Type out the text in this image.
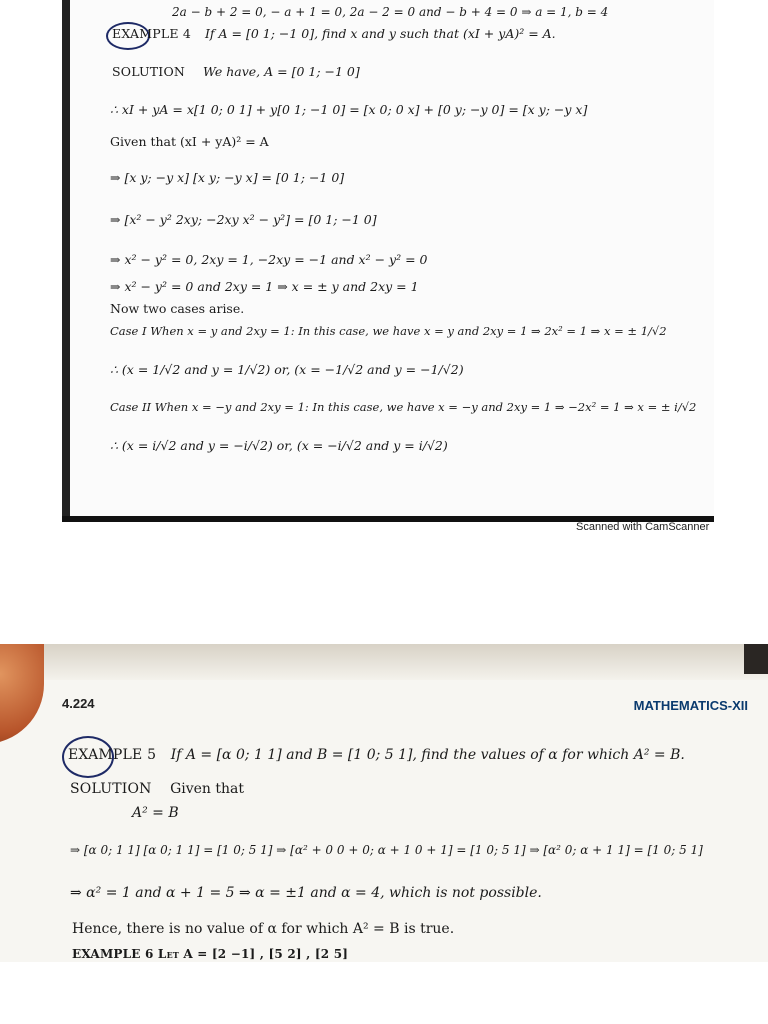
2a − b + 2 = 0, − a + 1 = 0, 2a − 2 = 0 and − b + 4 = 0 ⇒ a = 1, b = 4
EXAMPLE 4 If A = [0 1; −1 0], find x and y such that (xI + yA)² = A.
SOLUTION We have, A = [0 1; −1 0]
∴ xI + yA = x[1 0; 0 1] + y[0 1; −1 0] = [x 0; 0 x] + [0 y; −y 0] = [x y; −y x]
Given that (xI + yA)² = A
⇒ [x y; −y x] [x y; −y x] = [0 1; −1 0]
⇒ [x² − y² 2xy; −2xy x² − y²] = [0 1; −1 0]
⇒ x² − y² = 0, 2xy = 1, −2xy = −1 and x² − y² = 0
⇒ x² − y² = 0 and 2xy = 1 ⇒ x = ± y and 2xy = 1
Now two cases arise.
Case I When x = y and 2xy = 1: In this case, we have x = y and 2xy = 1 ⇒ 2x² = 1 ⇒ x = ± 1/√2
∴ (x = 1/√2 and y = 1/√2) or, (x = −1/√2 and y = −1/√2)
Case II When x = −y and 2xy = 1: In this case, we have x = −y and 2xy = 1 ⇒ −2x² = 1 ⇒ x = ± i/√2
∴ (x = i/√2 and y = −i/√2) or, (x = −i/√2 and y = i/√2)
Scanned with CamScanner
4.224	MATHEMATICS-XII
EXAMPLE 5 If A = [α 0; 1 1] and B = [1 0; 5 1], find the values of α for which A² = B.
SOLUTION Given that
A² = B
⇒ [α 0; 1 1] [α 0; 1 1] = [1 0; 5 1] ⇒ [α² + 0 0 + 0; α + 1 0 + 1] = [1 0; 5 1] ⇒ [α² 0; α + 1 1] = [1 0; 5 1]
⇒ α² = 1 and α + 1 = 5 ⇒ α = ±1 and α = 4, which is not possible.
Hence, there is no value of α for which A² = B is true.
EXAMPLE 6 Let A = [2 −1] , [5 2] , [2 5]
